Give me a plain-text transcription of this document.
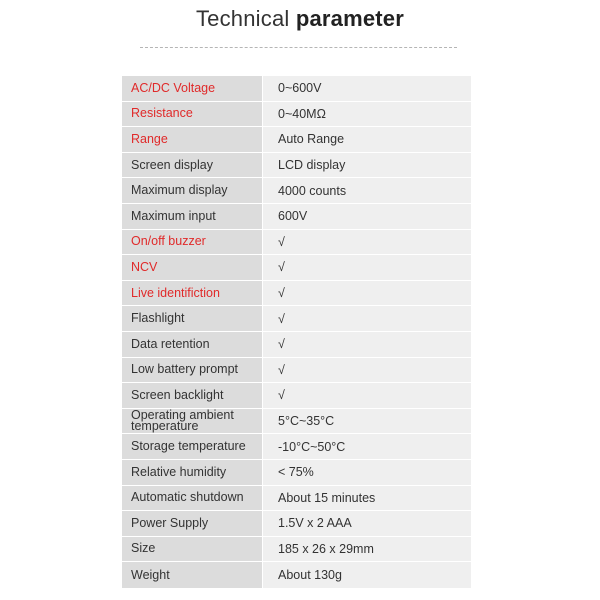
Technical parameter
AC/DC Voltage	0~600V
Resistance	0~40MΩ
Range	Auto Range
Screen display	LCD display
Maximum display	4000 counts
Maximum input	600V
On/off buzzer	√
NCV	√
Live identifiction	√
Flashlight	√
Data retention	√
Low battery prompt	√
Screen backlight	√
Operating ambient temperature	5°C~35°C
Storage temperature	-10°C~50°C
Relative humidity	< 75%
Automatic shutdown	About 15 minutes
Power Supply	1.5V x 2 AAA
Size	185 x 26 x 29mm
Weight	About 130g
